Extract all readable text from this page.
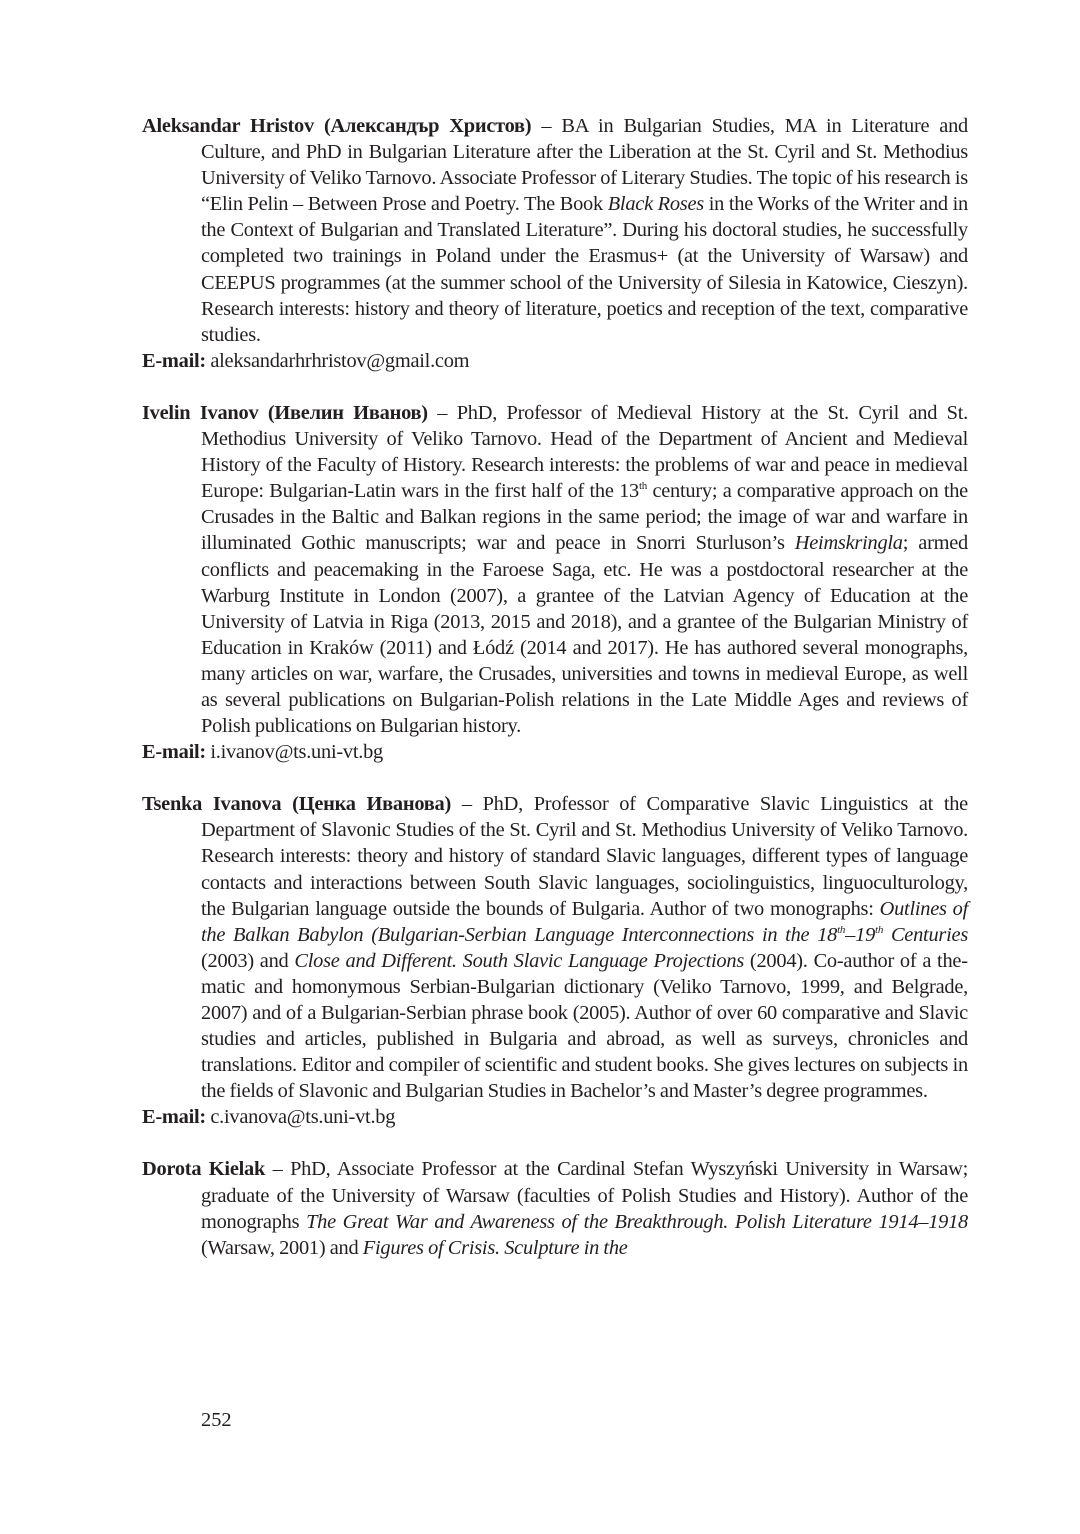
Aleksandar Hristov (Александър Христов) – BA in Bulgarian Studies, MA in Literature and Culture, and PhD in Bulgarian Literature after the Liberation at the St. Cyril and St. Methodius University of Veliko Tarnovo. Associate Professor of Literary Studies. The topic of his research is “Elin Pelin – Between Prose and Poetry. The Book Black Roses in the Works of the Writer and in the Context of Bulgarian and Translated Literature”. During his doctoral studies, he successfully completed two trainings in Poland under the Erasmus+ (at the University of Warsaw) and CEEPUS programmes (at the summer school of the University of Silesia in Katowice, Cieszyn). Research interests: history and theory of literature, poetics and reception of the text, comparative studies.

E-mail: aleksandarhrhristov@gmail.com

Ivelin Ivanov (Ивелин Иванов) – PhD, Professor of Medieval History at the St. Cyril and St. Methodius University of Veliko Tarnovo. Head of the Department of Ancient and Medieval History of the Faculty of History. Research interests: the problems of war and peace in medieval Europe: Bulgarian-Latin wars in the first half of the 13th century; a comparative approach on the Crusades in the Baltic and Balkan regions in the same period; the image of war and warfare in illuminated Gothic manuscripts; war and peace in Snorri Sturluson’s Heimskringla; armed conflicts and peacemaking in the Faroese Saga, etc. He was a postdoctoral researcher at the Warburg Institute in London (2007), a grantee of the Latvian Agency of Education at the University of Latvia in Riga (2013, 2015 and 2018), and a grantee of the Bulgarian Ministry of Education in Kraków (2011) and Łódź (2014 and 2017). He has authored several monographs, many articles on war, warfare, the Crusades, universities and towns in medieval Europe, as well as several publications on Bulgarian-Polish relations in the Late Middle Ages and reviews of Polish publications on Bulgarian history.

E-mail: i.ivanov@ts.uni-vt.bg

Tsenka Ivanova (Ценка Иванова) – PhD, Professor of Comparative Slavic Linguistics at the Department of Slavonic Studies of the St. Cyril and St. Methodius University of Veliko Tarnovo. Research interests: theory and history of standard Slavic languages, different types of language contacts and interactions between South Slavic languages, sociolinguistics, linguoculturology, the Bulgarian language outside the bounds of Bulgaria. Author of two monographs: Outlines of the Balkan Babylon (Bulgarian-Serbian Language Interconnections in the 18th–19th Centuries (2003) and Close and Different. South Slavic Language Projections (2004). Co-author of a thematic and homonymous Serbian-Bulgarian dictionary (Veliko Tarnovo, 1999, and Belgrade, 2007) and of a Bulgarian-Serbian phrase book (2005). Author of over 60 comparative and Slavic studies and articles, published in Bulgaria and abroad, as well as surveys, chronicles and translations. Editor and compiler of scientific and student books. She gives lectures on subjects in the fields of Slavonic and Bulgarian Studies in Bachelor’s and Master’s degree programmes.

E-mail: c.ivanova@ts.uni-vt.bg

Dorota Kielak – PhD, Associate Professor at the Cardinal Stefan Wyszyński University in Warsaw; graduate of the University of Warsaw (faculties of Polish Studies and History). Author of the monographs The Great War and Awareness of the Breakthrough. Polish Literature 1914–1918 (Warsaw, 2001) and Figures of Crisis. Sculpture in the

252
